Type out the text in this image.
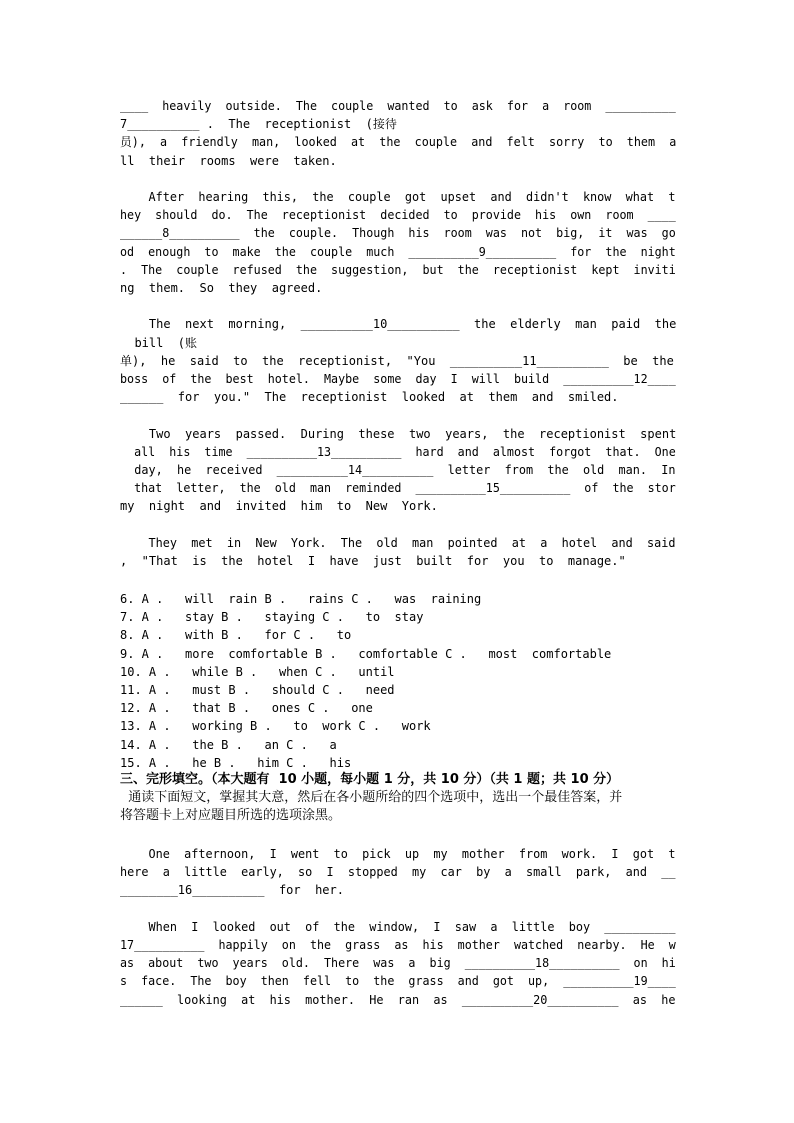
____  heavily  outside.  The  couple  wanted  to  ask  for  a  room  __________
7__________ .  The  receptionist  (接待
员),  a  friendly  man,  looked  at  the  couple  and  felt  sorry  to  them  a
ll  their  rooms  were  taken.
After  hearing  this,  the  couple  got  upset  and  didn't  know  what  t
hey  should  do.  The  receptionist  decided  to  provide  his  own  room  ____
______8__________  the  couple.  Though  his  room  was  not  big,  it  was  go
od  enough  to  make  the  couple  much  __________9__________  for  the  night
.  The  couple  refused  the  suggestion,  but  the  receptionist  kept  inviti
ng  them.  So  they  agreed.
The  next  morning,  __________10__________  the  elderly  man  paid  the
bill  (账
单),  he  said  to  the  receptionist,  "You  __________11__________  be  the
boss  of  the  best  hotel.  Maybe  some  day  I  will  build  __________12____
______  for  you."  The  receptionist  looked  at  them  and  smiled.
Two  years  passed.  During  these  two  years,  the  receptionist  spent
all  his  time  __________13__________  hard  and  almost  forgot  that.  One
day,  he  received  __________14__________  letter  from  the  old  man.  In
that  letter,  the  old  man  reminded  __________15__________  of  the  stor
my  night  and  invited  him  to  New  York.
They  met  in  New  York.  The  old  man  pointed  at  a  hotel  and  said
,  "That  is  the  hotel  I  have  just  built  for  you  to  manage."
6. A .   will  rain B .   rains C .   was  raining
7. A .   stay B .   staying C .   to  stay
8. A .   with B .   for C .   to
9. A .   more  comfortable B .   comfortable C .   most  comfortable
10. A .   while B .   when C .   until
11. A .   must B .   should C .   need
12. A .   that B .   ones C .   one
13. A .   working B .   to  work C .   work
14. A .   the B .   an C .   a
15. A .   he B .   him C .   his
三、完形填空。（本大题有  10 小题，每小题 1 分，共 10 分）（共 1 题；共 10 分）
通读下面短文，掌握其大意，然后在各小题所给的四个选项中，选出一个最佳答案，并
将答题卡上对应题目所选的选项涂黑。
One  afternoon,  I  went  to  pick  up  my  mother  from  work.  I  got  t
here  a  little  early,  so  I  stopped  my  car  by  a  small  park,  and  __
________16__________  for  her.
When  I  looked  out  of  the  window,  I  saw  a  little  boy  __________
17__________  happily  on  the  grass  as  his  mother  watched  nearby.  He  w
as  about  two  years  old.  There  was  a  big  __________18__________  on  hi
s  face.  The  boy  then  fell  to  the  grass  and  got  up,  __________19____
______  looking  at  his  mother.  He  ran  as  __________20__________  as  he
